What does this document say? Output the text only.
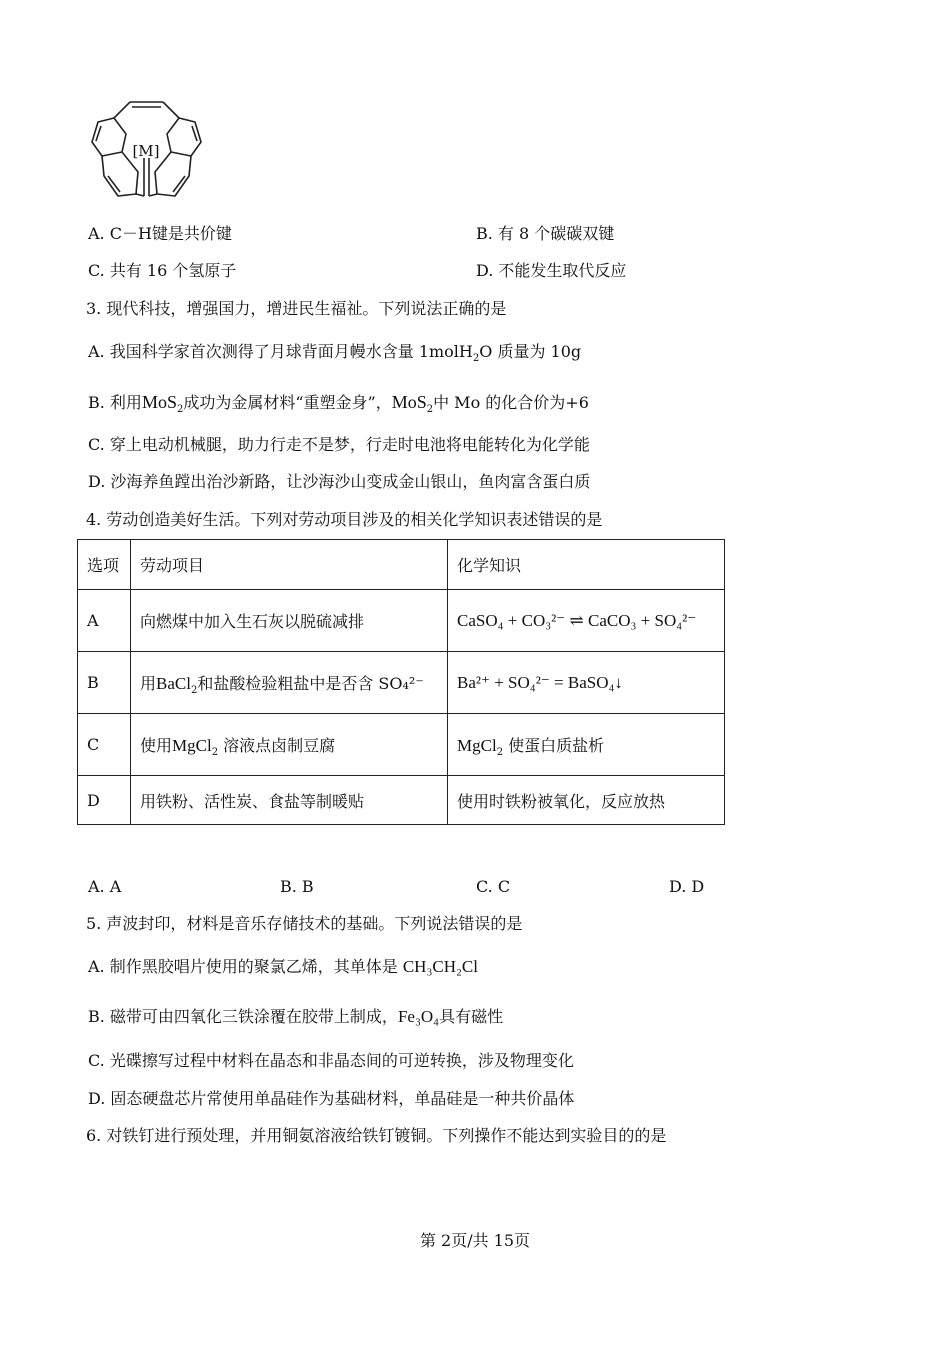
[M]
A. C－H键是共价键	B. 有 8 个碳碳双键
C. 共有 16 个氢原子	D. 不能发生取代反应
3. 现代科技，增强国力，增进民生福祉。下列说法正确的是
A. 我国科学家首次测得了月球背面月幔水含量 1molH$_2$O 质量为 10g
B. 利用MoS$_2$成功为金属材料“重塑金身”，MoS$_2$中 Mo 的化合价为+6
C. 穿上电动机械腿，助力行走不是梦，行走时电池将电能转化为化学能
D. 沙海养鱼蹚出治沙新路，让沙海沙山变成金山银山，鱼肉富含蛋白质
4. 劳动创造美好生活。下列对劳动项目涉及的相关化学知识表述错误的是
选项	劳动项目	化学知识
A	向燃煤中加入生石灰以脱硫减排	CaSO₄ + CO₃²⁻ ⇌ CaCO₃ + SO₄²⁻
B	用BaCl$_2$和盐酸检验粗盐中是否含 SO₄²⁻	Ba²⁺ + SO₄²⁻ = BaSO₄↓
C	使用MgCl$_2$ 溶液点卤制豆腐	MgCl$_2$ 使蛋白质盐析
D	用铁粉、活性炭、食盐等制暖贴	使用时铁粉被氧化，反应放热
A. A	B. B	C. C	D. D
5. 声波封印，材料是音乐存储技术的基础。下列说法错误的是
A. 制作黑胶唱片使用的聚氯乙烯，其单体是 CH₃CH₂Cl
B. 磁带可由四氧化三铁涂覆在胶带上制成，Fe₃O₄具有磁性
C. 光碟擦写过程中材料在晶态和非晶态间的可逆转换，涉及物理变化
D. 固态硬盘芯片常使用单晶硅作为基础材料，单晶硅是一种共价晶体
6. 对铁钉进行预处理，并用铜氨溶液给铁钉镀铜。下列操作不能达到实验目的的是
第 2页/共 15页
